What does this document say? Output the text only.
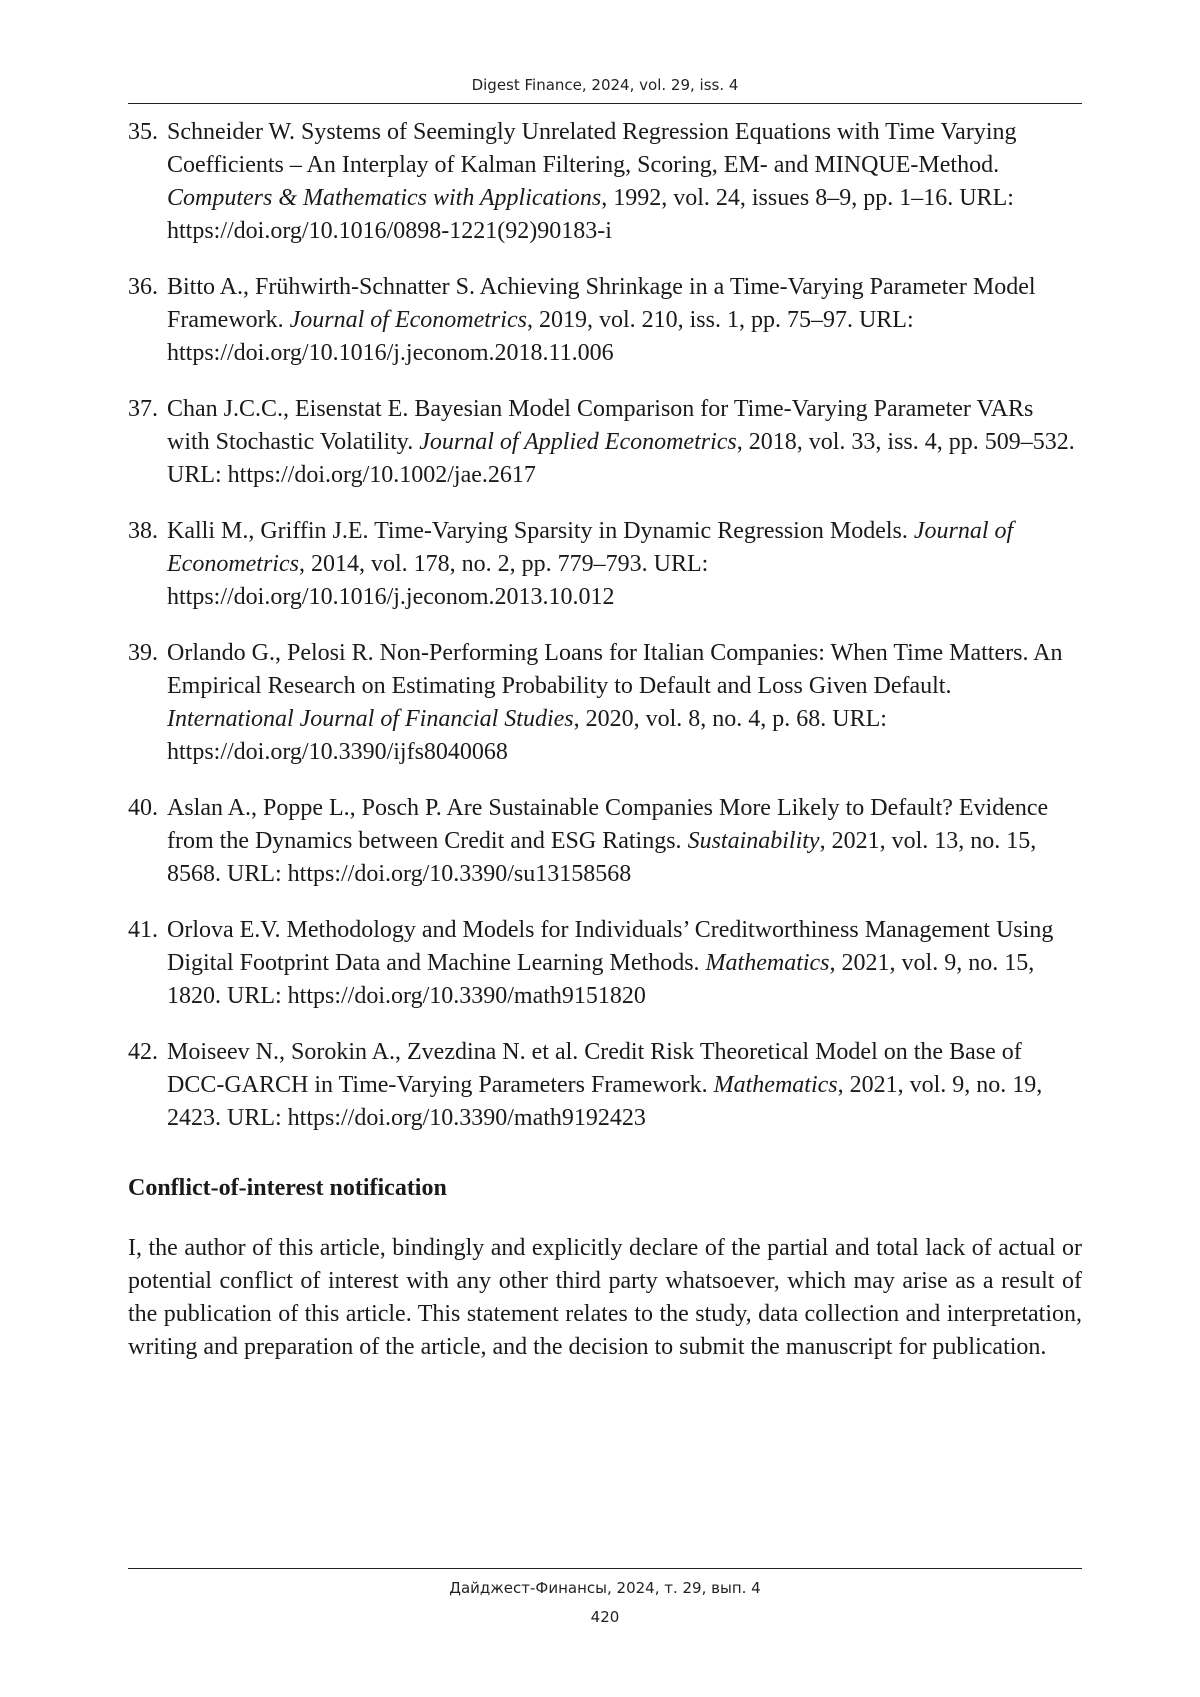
Digest Finance, 2024, vol. 29, iss. 4
35. Schneider W. Systems of Seemingly Unrelated Regression Equations with Time Varying Coefficients – An Interplay of Kalman Filtering, Scoring, EM- and MINQUE-Method. Computers & Mathematics with Applications, 1992, vol. 24, issues 8–9, pp. 1–16. URL: https://doi.org/10.1016/0898-1221(92)90183-i
36. Bitto A., Frühwirth-Schnatter S. Achieving Shrinkage in a Time-Varying Parameter Model Framework. Journal of Econometrics, 2019, vol. 210, iss. 1, pp. 75–97. URL: https://doi.org/10.1016/j.jeconom.2018.11.006
37. Chan J.C.C., Eisenstat E. Bayesian Model Comparison for Time-Varying Parameter VARs with Stochastic Volatility. Journal of Applied Econometrics, 2018, vol. 33, iss. 4, pp. 509–532. URL: https://doi.org/10.1002/jae.2617
38. Kalli M., Griffin J.E. Time-Varying Sparsity in Dynamic Regression Models. Journal of Econometrics, 2014, vol. 178, no. 2, pp. 779–793. URL: https://doi.org/10.1016/j.jeconom.2013.10.012
39. Orlando G., Pelosi R. Non-Performing Loans for Italian Companies: When Time Matters. An Empirical Research on Estimating Probability to Default and Loss Given Default. International Journal of Financial Studies, 2020, vol. 8, no. 4, p. 68. URL: https://doi.org/10.3390/ijfs8040068
40. Aslan A., Poppe L., Posch P. Are Sustainable Companies More Likely to Default? Evidence from the Dynamics between Credit and ESG Ratings. Sustainability, 2021, vol. 13, no. 15, 8568. URL: https://doi.org/10.3390/su13158568
41. Orlova E.V. Methodology and Models for Individuals’ Creditworthiness Management Using Digital Footprint Data and Machine Learning Methods. Mathematics, 2021, vol. 9, no. 15, 1820. URL: https://doi.org/10.3390/math9151820
42. Moiseev N., Sorokin A., Zvezdina N. et al. Credit Risk Theoretical Model on the Base of DCC-GARCH in Time-Varying Parameters Framework. Mathematics, 2021, vol. 9, no. 19, 2423. URL: https://doi.org/10.3390/math9192423
Conflict-of-interest notification

I, the author of this article, bindingly and explicitly declare of the partial and total lack of actual or potential conflict of interest with any other third party whatsoever, which may arise as a result of the publication of this article. This statement relates to the study, data collection and interpretation, writing and preparation of the article, and the decision to submit the manuscript for publication.

Дайджест-Финансы, 2024, т. 29, вып. 4
420
